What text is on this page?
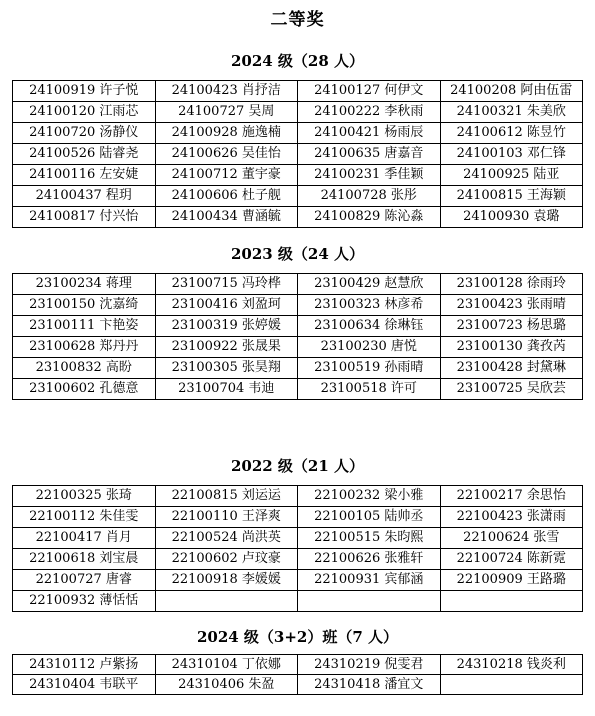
二等奖
2024 级（28 人）
24100919 许子悦	24100423 肖抒洁	24100127 何伊文	24100208 阿由伍雷
24100120 江雨芯	24100727 吴周	24100222 李秋雨	24100321 朱美欣
24100720 汤静仪	24100928 施逸楠	24100421 杨雨辰	24100612 陈昱竹
24100526 陆睿尧	24100626 吴佳怡	24100635 唐嘉音	24100103 邓仁锋
24100116 左安婕	24100712 董宇豪	24100231 季佳颖	24100925 陆亚
24100437 程玥	24100606 杜子舰	24100728 张彤	24100815 王海颖
24100817 付兴怡	24100434 曹涵毓	24100829 陈沁淼	24100930 袁璐
2023 级（24 人）
23100234 蒋理	23100715 冯玲桦	23100429 赵慧欣	23100128 徐雨玲
23100150 沈嘉绮	23100416 刘盈珂	23100323 林彦希	23100423 张雨晴
23100111 卞艳姿	23100319 张婷媛	23100634 徐琳钰	23100723 杨思璐
23100628 郑丹丹	23100922 张晟果	23100230 唐悦	23100130 龚孜芮
23100832 高盼	23100305 张昊翔	23100519 孙雨晴	23100428 封黛琳
23100602 孔德意	23100704 韦迪	23100518 许可	23100725 吴欣芸
2022 级（21 人）
22100325 张琦	22100815 刘运运	22100232 梁小雅	22100217 余思怡
22100112 朱佳雯	22100110 王泽爽	22100105 陆帅丞	22100423 张潇雨
22100417 肖月	22100524 尚洪英	22100515 朱昀熙	22100624 张雪
22100618 刘宝晨	22100602 卢玟豪	22100626 张雅轩	22100724 陈新霓
22100727 唐睿	22100918 李媛媛	22100931 宾郁涵	22100909 王路璐
22100932 薄恬恬			
2024 级（3+2）班（7 人）
24310112 卢紫扬	24310104 丁依娜	24310219 倪雯君	24310218 钱炎利
24310404 韦联平	24310406 朱盈	24310418 潘宜文	
